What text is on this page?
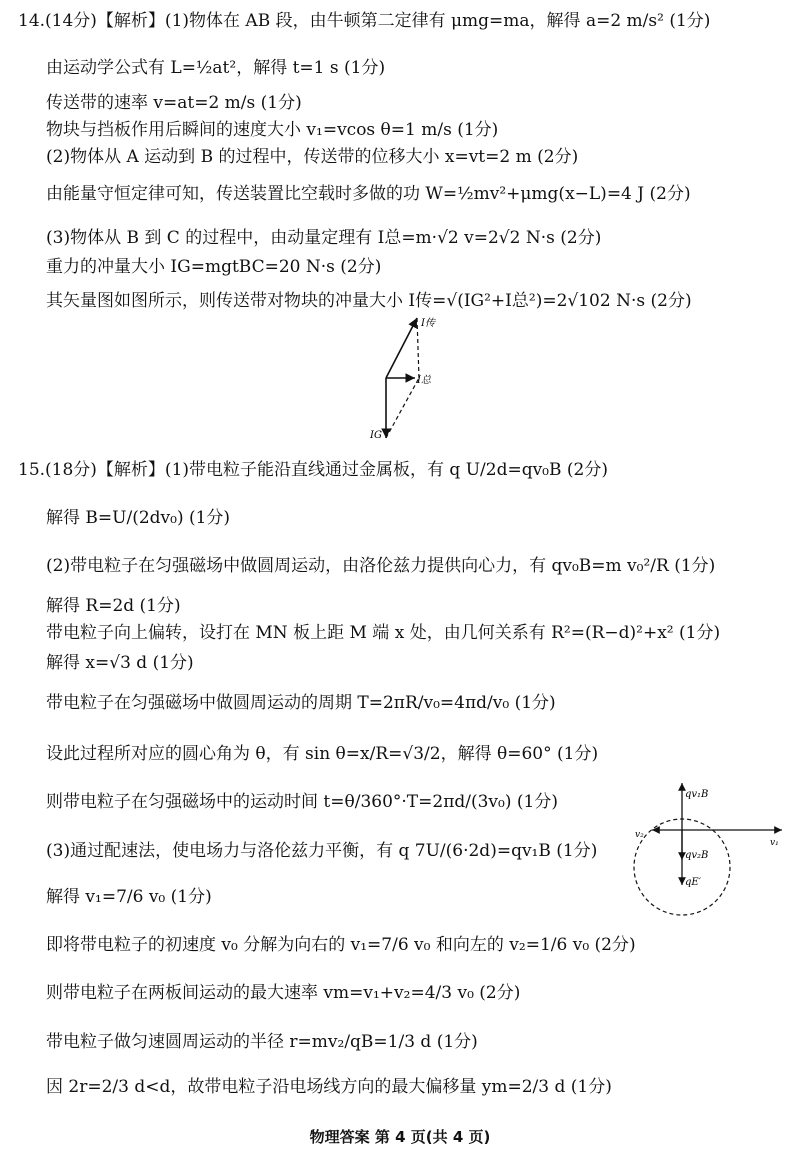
14.(14分)【解析】(1)物体在 AB 段，由牛顿第二定律有 μmg=ma，解得 a=2 m/s² (1分)
由运动学公式有 L=½at²，解得 t=1 s (1分)
传送带的速率 v=at=2 m/s (1分)
物块与挡板作用后瞬间的速度大小 v₁=vcos θ=1 m/s (1分)
(2)物体从 A 运动到 B 的过程中，传送带的位移大小 x=vt=2 m (2分)
由能量守恒定律可知，传送装置比空载时多做的功 W=½mv²+μmg(x−L)=4 J (2分)
(3)物体从 B 到 C 的过程中，由动量定理有 I总=m·√2 v=2√2 N·s (2分)
重力的冲量大小 IG=mgtBC=20 N·s (2分)
其矢量图如图所示，则传送带对物块的冲量大小 I传=√(IG²+I总²)=2√102 N·s (2分)
I传
I总
IG
15.(18分)【解析】(1)带电粒子能沿直线通过金属板，有 q U/2d=qv₀B (2分)
解得 B=U/(2dv₀) (1分)
(2)带电粒子在匀强磁场中做圆周运动，由洛伦兹力提供向心力，有 qv₀B=m v₀²/R (1分)
解得 R=2d (1分)
带电粒子向上偏转，设打在 MN 板上距 M 端 x 处，由几何关系有 R²=(R−d)²+x² (1分)
解得 x=√3 d (1分)
带电粒子在匀强磁场中做圆周运动的周期 T=2πR/v₀=4πd/v₀ (1分)
设此过程所对应的圆心角为 θ，有 sin θ=x/R=√3/2，解得 θ=60° (1分)
则带电粒子在匀强磁场中的运动时间 t=θ/360°·T=2πd/(3v₀) (1分)
(3)通过配速法，使电场力与洛伦兹力平衡，有 q 7U/(6·2d)=qv₁B (1分)
解得 v₁=7/6 v₀ (1分)
即将带电粒子的初速度 v₀ 分解为向右的 v₁=7/6 v₀ 和向左的 v₂=1/6 v₀ (2分)
则带电粒子在两板间运动的最大速率 vm=v₁+v₂=4/3 v₀ (2分)
带电粒子做匀速圆周运动的半径 r=mv₂/qB=1/3 d (1分)
因 2r=2/3 d<d，故带电粒子沿电场线方向的最大偏移量 ym=2/3 d (1分)
qv₁B
v₂
v₁
qv₂B
qE′
物理答案 第 4 页(共 4 页)
